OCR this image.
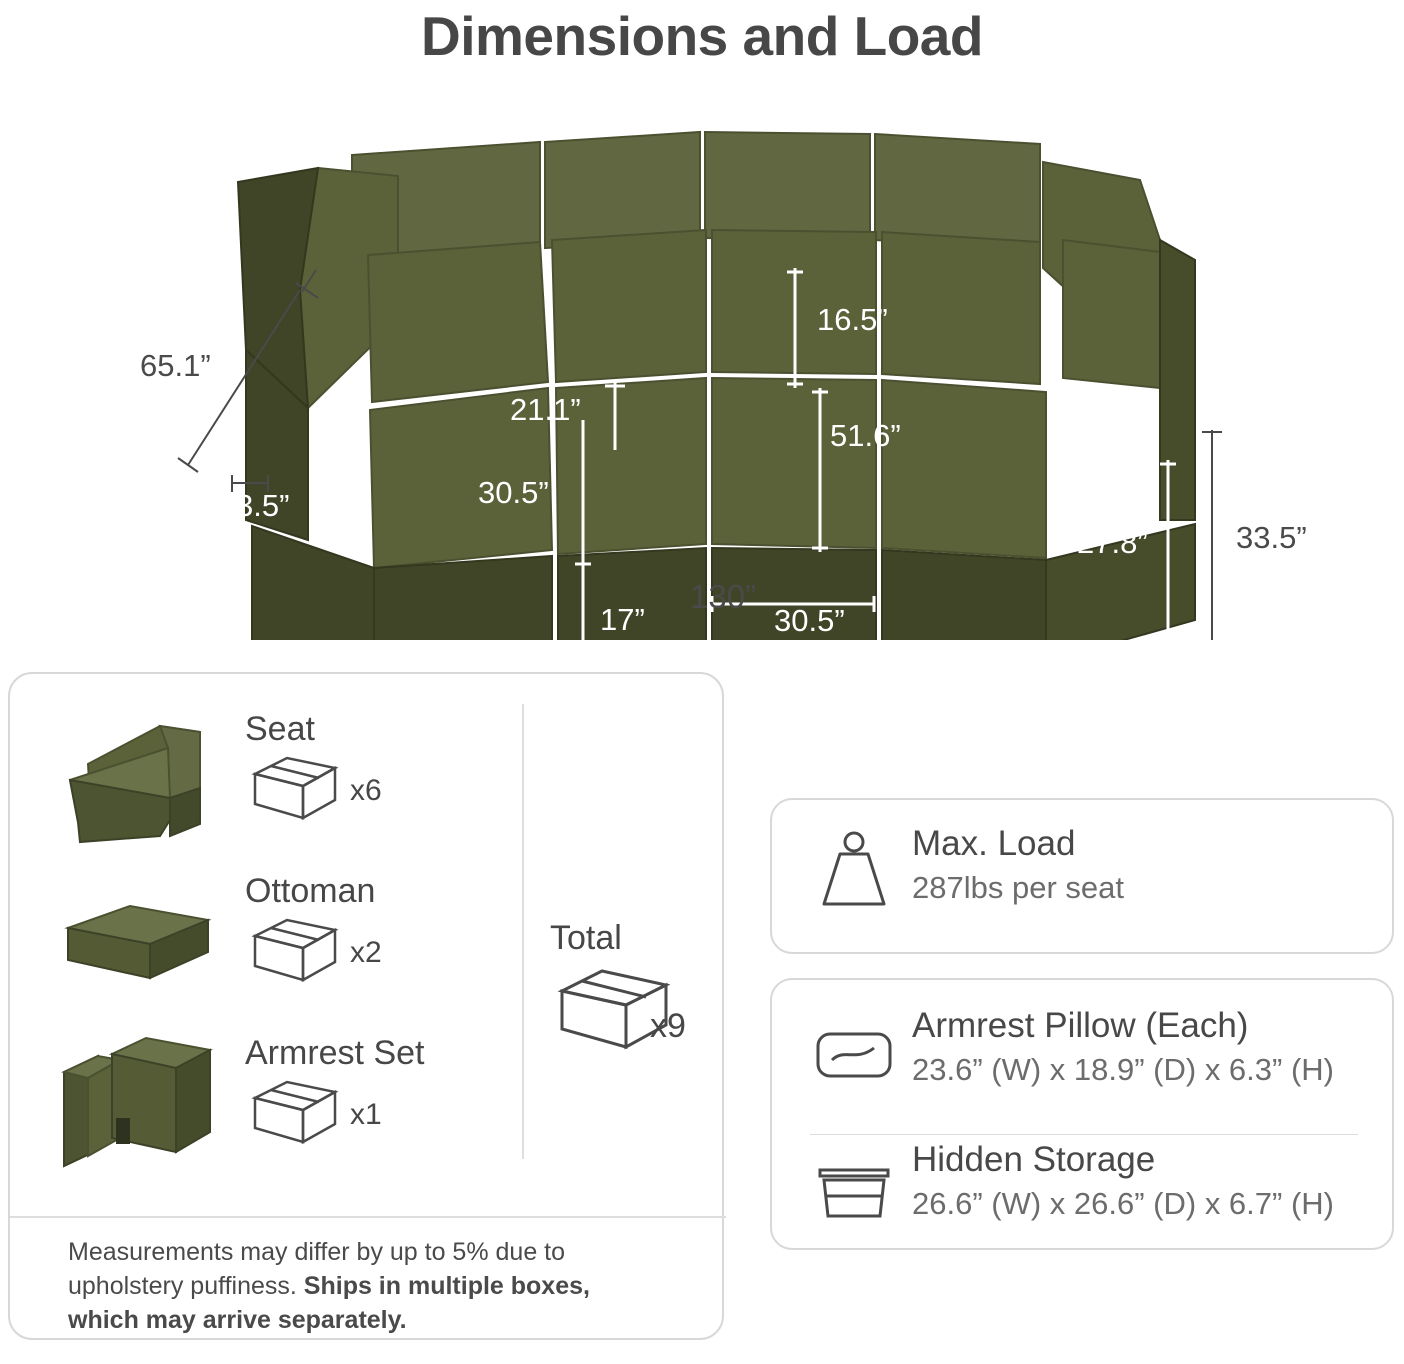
Dimensions and Load
65.1”
3.5”
16.5”
21.1”
51.6”
30.5”
17”	30.5”
27.8”	33.5”
130”
Seat
x6
Ottoman
x2
Armrest Set
x1
Total
x9
Measurements may differ by up to 5% due to upholstery puffiness. Ships in multiple boxes, which may arrive separately.
Max. Load
287lbs per seat
Armrest Pillow (Each)
23.6” (W) x 18.9” (D) x 6.3” (H)
Hidden Storage
26.6” (W) x 26.6” (D) x 6.7” (H)
